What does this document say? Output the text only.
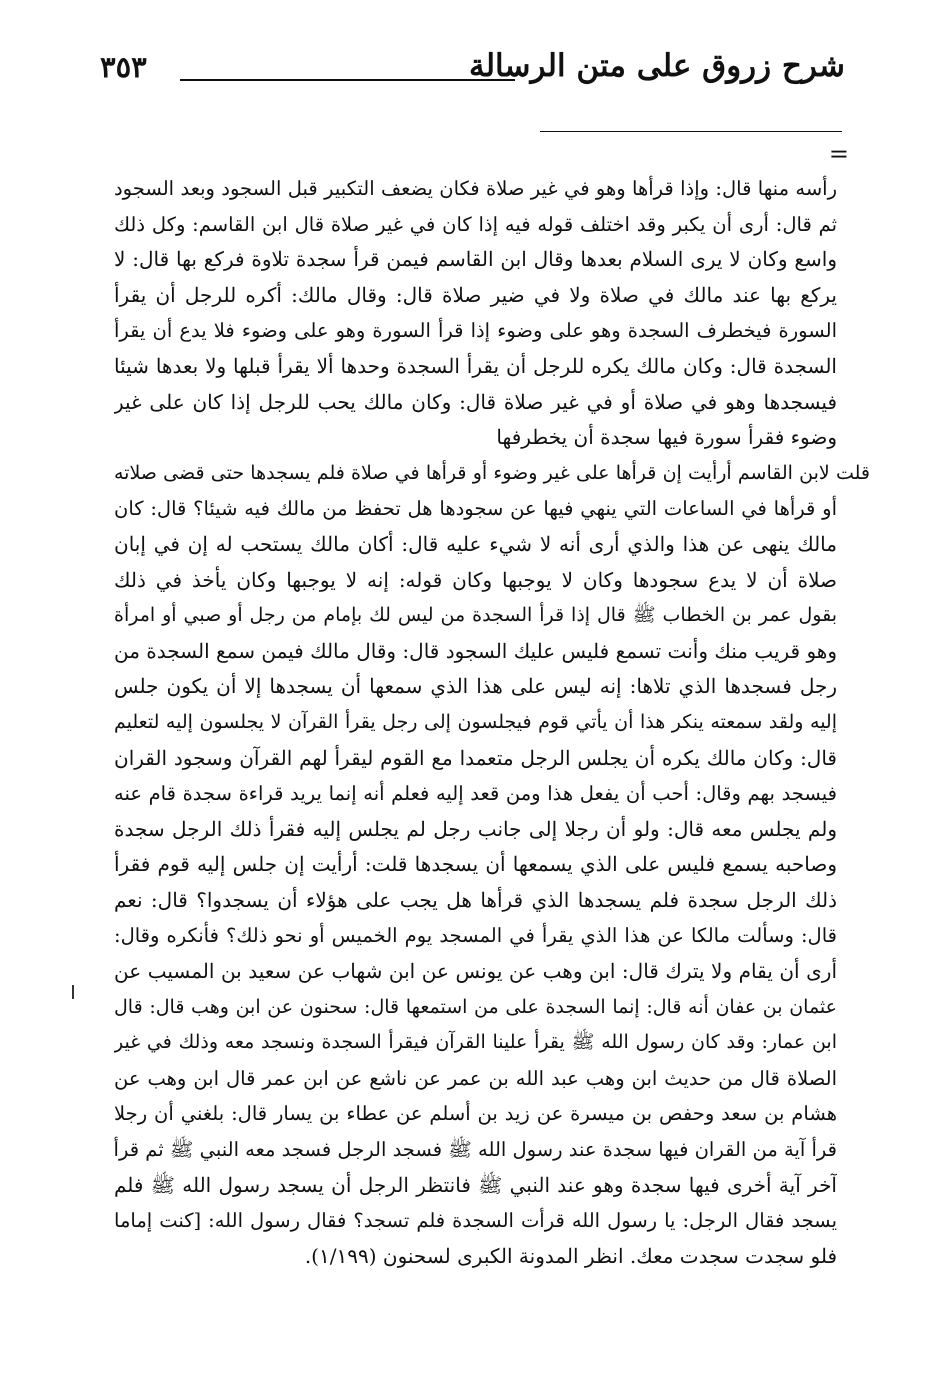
شرح زروق على متن الرسالة
٣٥٣
=
رأسه منها قال: وإذا قرأها وهو في غير صلاة فكان يضعف التكبير قبل السجود وبعد السجود
ثم قال: أرى أن يكبر وقد اختلف قوله فيه إذا كان في غير صلاة قال ابن القاسم: وكل ذلك
واسع وكان لا يرى السلام بعدها وقال ابن القاسم فيمن قرأ سجدة تلاوة فركع بها قال: لا
يركع بها عند مالك في صلاة ولا في ضير صلاة قال: وقال مالك: أكره للرجل أن يقرأ
السورة فيخطرف السجدة وهو على وضوء إذا قرأ السورة وهو على وضوء فلا يدع أن يقرأ
السجدة قال: وكان مالك يكره للرجل أن يقرأ السجدة وحدها ألا يقرأ قبلها ولا بعدها شيئا
فيسجدها وهو في صلاة أو في غير صلاة قال: وكان مالك يحب للرجل إذا كان على غير
وضوء فقرأ سورة فيها سجدة أن يخطرفها
قلت لابن القاسم أرأيت إن قرأها على غير وضوء أو قرأها في صلاة فلم يسجدها حتى قضى صلاته
أو قرأها في الساعات التي ينهي فيها عن سجودها هل تحفظ من مالك فيه شيئا؟ قال: كان
مالك ينهى عن هذا والذي أرى أنه لا شيء عليه قال: أكان مالك يستحب له إن في إبان
صلاة أن لا يدع سجودها وكان لا يوجبها وكان قوله: إنه لا يوجبها وكان يأخذ في ذلك
بقول عمر بن الخطاب ﷺ قال إذا قرأ السجدة من ليس لك بإمام من رجل أو صبي أو امرأة
وهو قريب منك وأنت تسمع فليس عليك السجود قال: وقال مالك فيمن سمع السجدة من
رجل فسجدها الذي تلاها: إنه ليس على هذا الذي سمعها أن يسجدها إلا أن يكون جلس
إليه ولقد سمعته ينكر هذا أن يأتي قوم فيجلسون إلى رجل يقرأ القرآن لا يجلسون إليه لتعليم
قال: وكان مالك يكره أن يجلس الرجل متعمدا مع القوم ليقرأ لهم القرآن وسجود القران
فيسجد بهم وقال: أحب أن يفعل هذا ومن قعد إليه فعلم أنه إنما يريد قراءة سجدة قام عنه
ولم يجلس معه قال: ولو أن رجلا إلى جانب رجل لم يجلس إليه فقرأ ذلك الرجل سجدة
وصاحبه يسمع فليس على الذي يسمعها أن يسجدها قلت: أرأيت إن جلس إليه قوم فقرأ
ذلك الرجل سجدة فلم يسجدها الذي قرأها هل يجب على هؤلاء أن يسجدوا؟ قال: نعم
قال: وسألت مالكا عن هذا الذي يقرأ في المسجد يوم الخميس أو نحو ذلك؟ فأنكره وقال:
أرى أن يقام ولا يترك قال: ابن وهب عن يونس عن ابن شهاب عن سعيد بن المسيب عن
عثمان بن عفان أنه قال: إنما السجدة على من استمعها قال: سحنون عن ابن وهب قال: قال
ابن عمار: وقد كان رسول الله ﷺ يقرأ علينا القرآن فيقرأ السجدة ونسجد معه وذلك في غير
الصلاة قال من حديث ابن وهب عبد الله بن عمر عن ناشع عن ابن عمر قال ابن وهب عن
هشام بن سعد وحفص بن ميسرة عن زيد بن أسلم عن عطاء بن يسار قال: بلغني أن رجلا
قرأ آية من القران فيها سجدة عند رسول الله ﷺ فسجد الرجل فسجد معه النبي ﷺ ثم قرأ
آخر آية أخرى فيها سجدة وهو عند النبي ﷺ فانتظر الرجل أن يسجد رسول الله ﷺ فلم
يسجد فقال الرجل: يا رسول الله قرأت السجدة فلم تسجد؟ فقال رسول الله: [كنت إماما
فلو سجدت سجدت معك. انظر المدونة الكبرى لسحنون (١/١٩٩).
